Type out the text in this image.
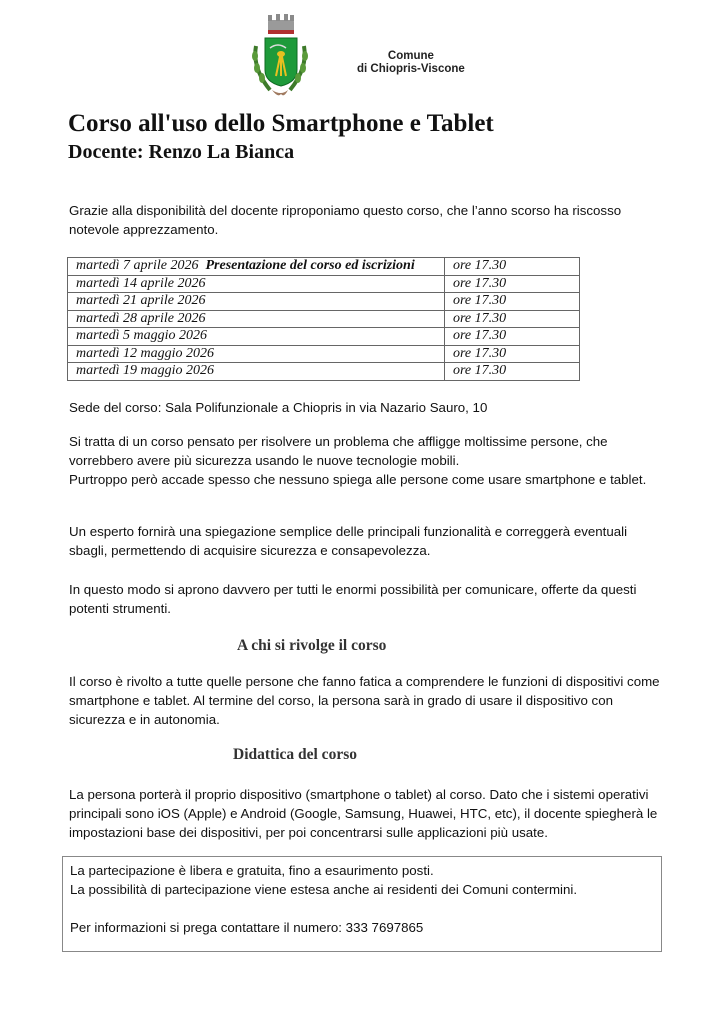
Comune
di Chiopris-Viscone
Corso all'uso dello Smartphone e Tablet
Docente: Renzo La Bianca
Grazie alla disponibilità del docente riproponiamo questo corso, che l’anno scorso ha riscosso notevole apprezzamento.
martedì 7 aprile 2026 Presentazione del corso ed iscrizioni	ore 17.30
martedì 14 aprile 2026	ore 17.30
martedì 21 aprile 2026	ore 17.30
martedì 28 aprile 2026	ore 17.30
martedì 5 maggio 2026	ore 17.30
martedì 12 maggio 2026	ore 17.30
martedì 19 maggio 2026	ore 17.30
Sede del corso: Sala Polifunzionale a Chiopris in via Nazario Sauro, 10
Si tratta di un corso pensato per risolvere un problema che affligge moltissime persone, che vorrebbero avere più sicurezza usando le nuove tecnologie mobili.
Purtroppo però accade spesso che nessuno spiega alle persone come usare smartphone e tablet.
Un esperto fornirà una spiegazione semplice delle principali funzionalità e correggerà eventuali sbagli, permettendo di acquisire sicurezza e consapevolezza.
In questo modo si aprono davvero per tutti le enormi possibilità per comunicare, offerte da questi potenti strumenti.
A chi si rivolge il corso
Il corso è rivolto a tutte quelle persone che fanno fatica a comprendere le funzioni di dispositivi come smartphone e tablet. Al termine del corso, la persona sarà in grado di usare il dispositivo con sicurezza e in autonomia.
Didattica del corso
La persona porterà il proprio dispositivo (smartphone o tablet) al corso. Dato che i sistemi operativi principali sono iOS (Apple) e Android (Google, Samsung, Huawei, HTC, etc), il docente spiegherà le impostazioni base dei dispositivi, per poi concentrarsi sulle applicazioni più usate.
La partecipazione è libera e gratuita, fino a esaurimento posti.
La possibilità di partecipazione viene estesa anche ai residenti dei Comuni contermini.
Per informazioni si prega contattare il numero: 333 7697865
